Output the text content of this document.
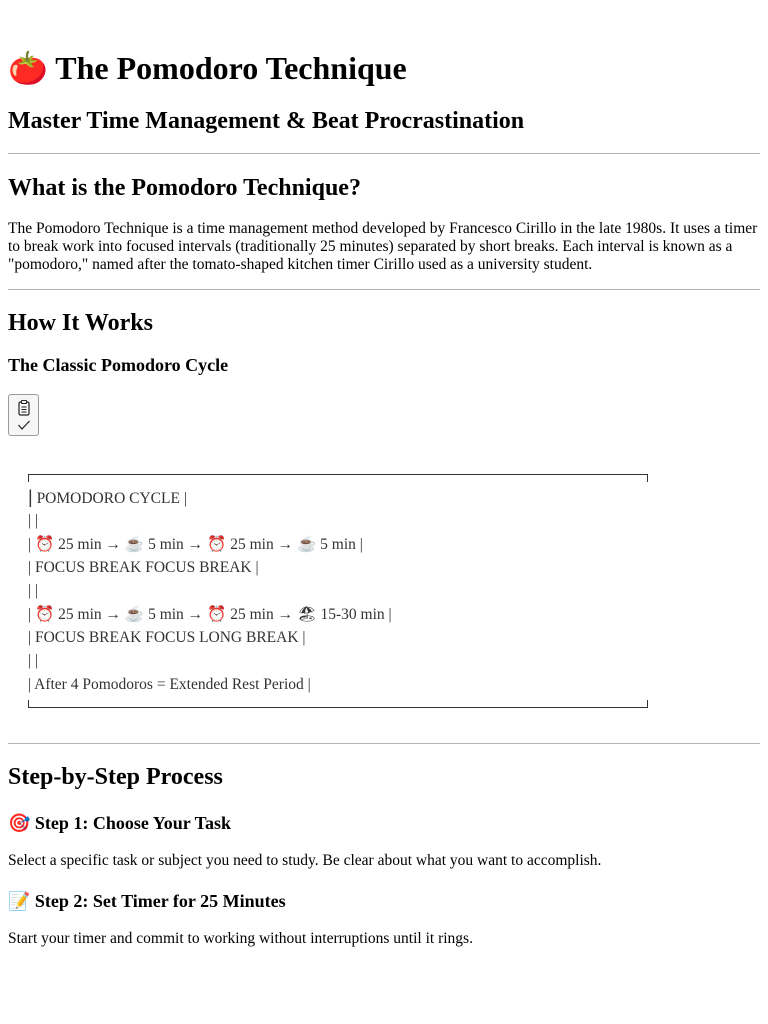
🍅 The Pomodoro Technique
Master Time Management & Beat Procrastination
What is the Pomodoro Technique?

The Pomodoro Technique is a time management method developed by Francesco Cirillo in the late 1980s. It uses a timer to break work into focused intervals (traditionally 25 minutes) separated by short breaks. Each interval is known as a "pomodoro," named after the tomato-shaped kitchen timer Cirillo used as a university student.

How It Works
The Classic Pomodoro Cycle
| POMODORO CYCLE |
| |
| ⏰ 25 min → ☕ 5 min → ⏰ 25 min → ☕ 5 min |
| FOCUS BREAK FOCUS BREAK |
| |
| ⏰ 25 min → ☕ 5 min → ⏰ 25 min → 🏖 15-30 min |
| FOCUS BREAK FOCUS LONG BREAK |
| |
| After 4 Pomodoros = Extended Rest Period |
Step-by-Step Process
🎯 Step 1: Choose Your Task

Select a specific task or subject you need to study. Be clear about what you want to accomplish.

📝 Step 2: Set Timer for 25 Minutes

Start your timer and commit to working without interruptions until it rings.
